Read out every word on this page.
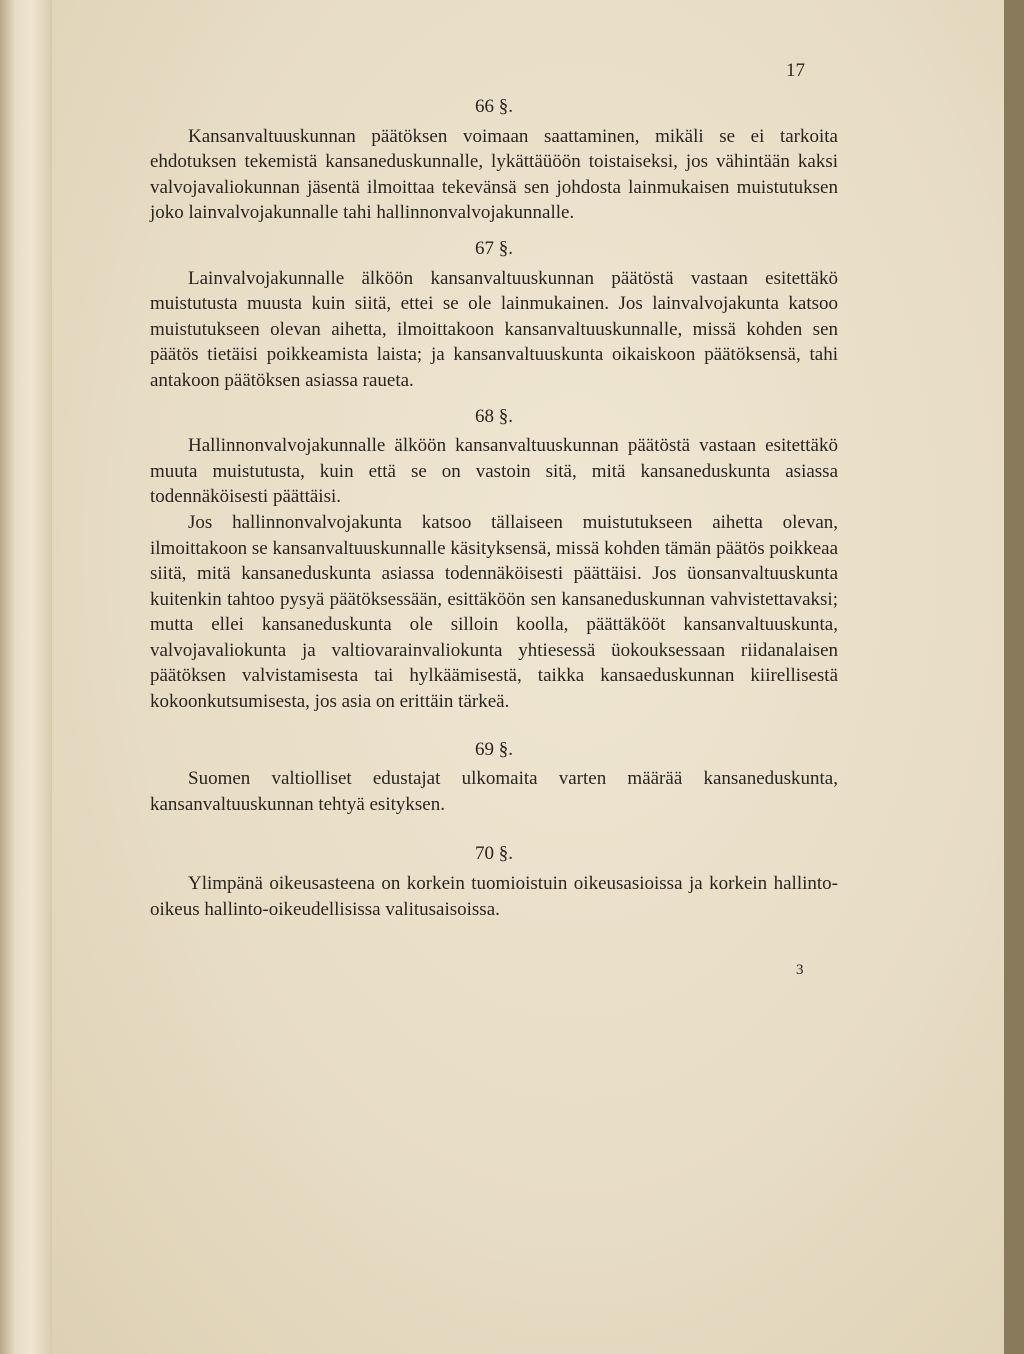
17

66 §.

Kansanvaltuuskunnan päätöksen voimaan saattaminen, mikäli se ei tarkoita ehdotuksen tekemistä kansaneduskunnalle, lykättäüöön toistaiseksi, jos vähintään kaksi valvojavaliokunnan jäsentä ilmoittaa tekevänsä sen johdosta lainmukaisen muistutuksen joko lainvalvojakunnalle tahi hallinnonvalvojakunnalle.

67 §.

Lainvalvojakunnalle älköön kansanvaltuuskunnan päätöstä vastaan esitettäkö muistutusta muusta kuin siitä, ettei se ole lainmukainen. Jos lainvalvojakunta katsoo muistutukseen olevan aihetta, ilmoittakoon kansanvaltuuskunnalle, missä kohden sen päätös tietäisi poikkeamista laista; ja kansanvaltuuskunta oikaiskoon päätöksensä, tahi antakoon päätöksen asiassa raueta.

68 §.

Hallinnonvalvojakunnalle älköön kansanvaltuuskunnan päätöstä vastaan esitettäkö muuta muistutusta, kuin että se on vastoin sitä, mitä kansaneduskunta asiassa todennäköisesti päättäisi.

Jos hallinnonvalvojakunta katsoo tällaiseen muistutukseen aihetta olevan, ilmoittakoon se kansanvaltuuskunnalle käsityksensä, missä kohden tämän päätös poikkeaa siitä, mitä kansaneduskunta asiassa todennäköisesti päättäisi. Jos üonsanvaltuuskunta kuitenkin tahtoo pysyä päätöksessään, esittäköön sen kansaneduskunnan vahvistettavaksi; mutta ellei kansaneduskunta ole silloin koolla, päättäkööt kansanvaltuuskunta, valvojavaliokunta ja valtiovarainvaliokunta yhtiesessä üokouksessaan riidanalaisen päätöksen valvistamisesta tai hylkäämisestä, taikka kansaeduskunnan kiirellisestä kokoonkutsumisesta, jos asia on erittäin tärkeä.

69 §.

Suomen valtiolliset edustajat ulkomaita varten määrää kansaneduskunta, kansanvaltuuskunnan tehtyä esityksen.

70 §.

Ylimpänä oikeusasteena on korkein tuomioistuin oikeusasioissa ja korkein hallinto-oikeus hallinto-oikeudellisissa valitusaisoissa.

3
